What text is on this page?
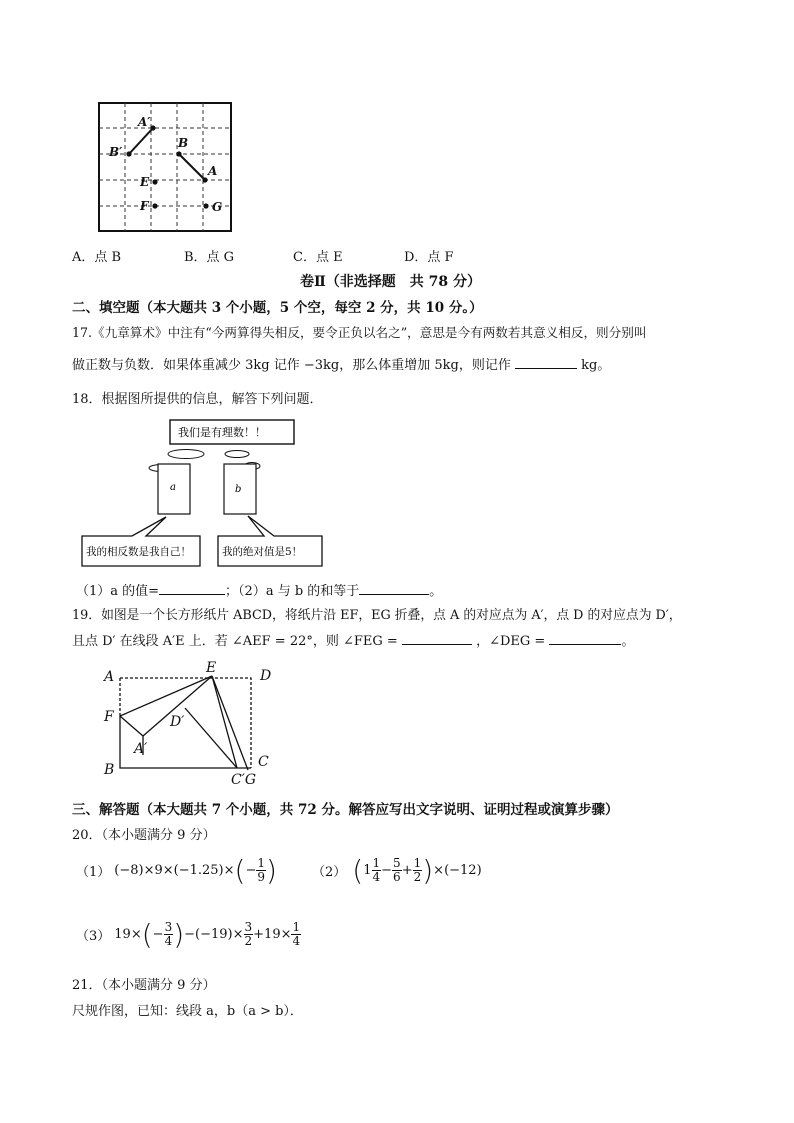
A′
B′
B
A
E
F	G
A．点 B	B．点 G	C．点 E	D．点 F
卷Ⅱ（非选择题　共 78 分）
二、填空题（本大题共 3 个小题，5 个空，每空 2 分，共 10 分。）
17.《九章算术》中注有“今两算得失相反，要令正负以名之”，意思是今有两数若其意义相反，则分别叫
做正数与负数．如果体重减少 3kg 记作 −3kg，那么体重增加 5kg，则记作	kg。
18．根据图所提供的信息，解答下列问题．
我们是有理数！！
a	b
我的相反数是我自己！	我的绝对值是5！
（1）a 的值=	；（2）a 与 b 的和等于	。
19．如图是一个长方形纸片 ABCD，将纸片沿 EF，EG 折叠，点 A 的对应点为 A′，点 D 的对应点为 D′，
且点 D′ 在线段 A′E 上．若 ∠AEF = 22°，则 ∠FEG =	，∠DEG =	。
A
E	D
F	D′
A′
B	C
C′G
三、解答题（本大题共 7 个小题，共 72 分。解答应写出文字说明、证明过程或演算步骤）
20．（本小题满分 9 分）
（1） (−8)×9×(−1.25)× ( − $\frac{1}{9}$ )	（2） ( $1 \frac{1}{4} - \frac{5}{6} + \frac{1}{2}$ ) ×(−12)
（3） 19× ( − $\frac{3}{4}$ ) $-(-19)\times \frac{3}{2} +19\times \frac{1}{4}$
21．（本小题满分 9 分）
尺规作图，已知：线段 a，b（a > b）．
